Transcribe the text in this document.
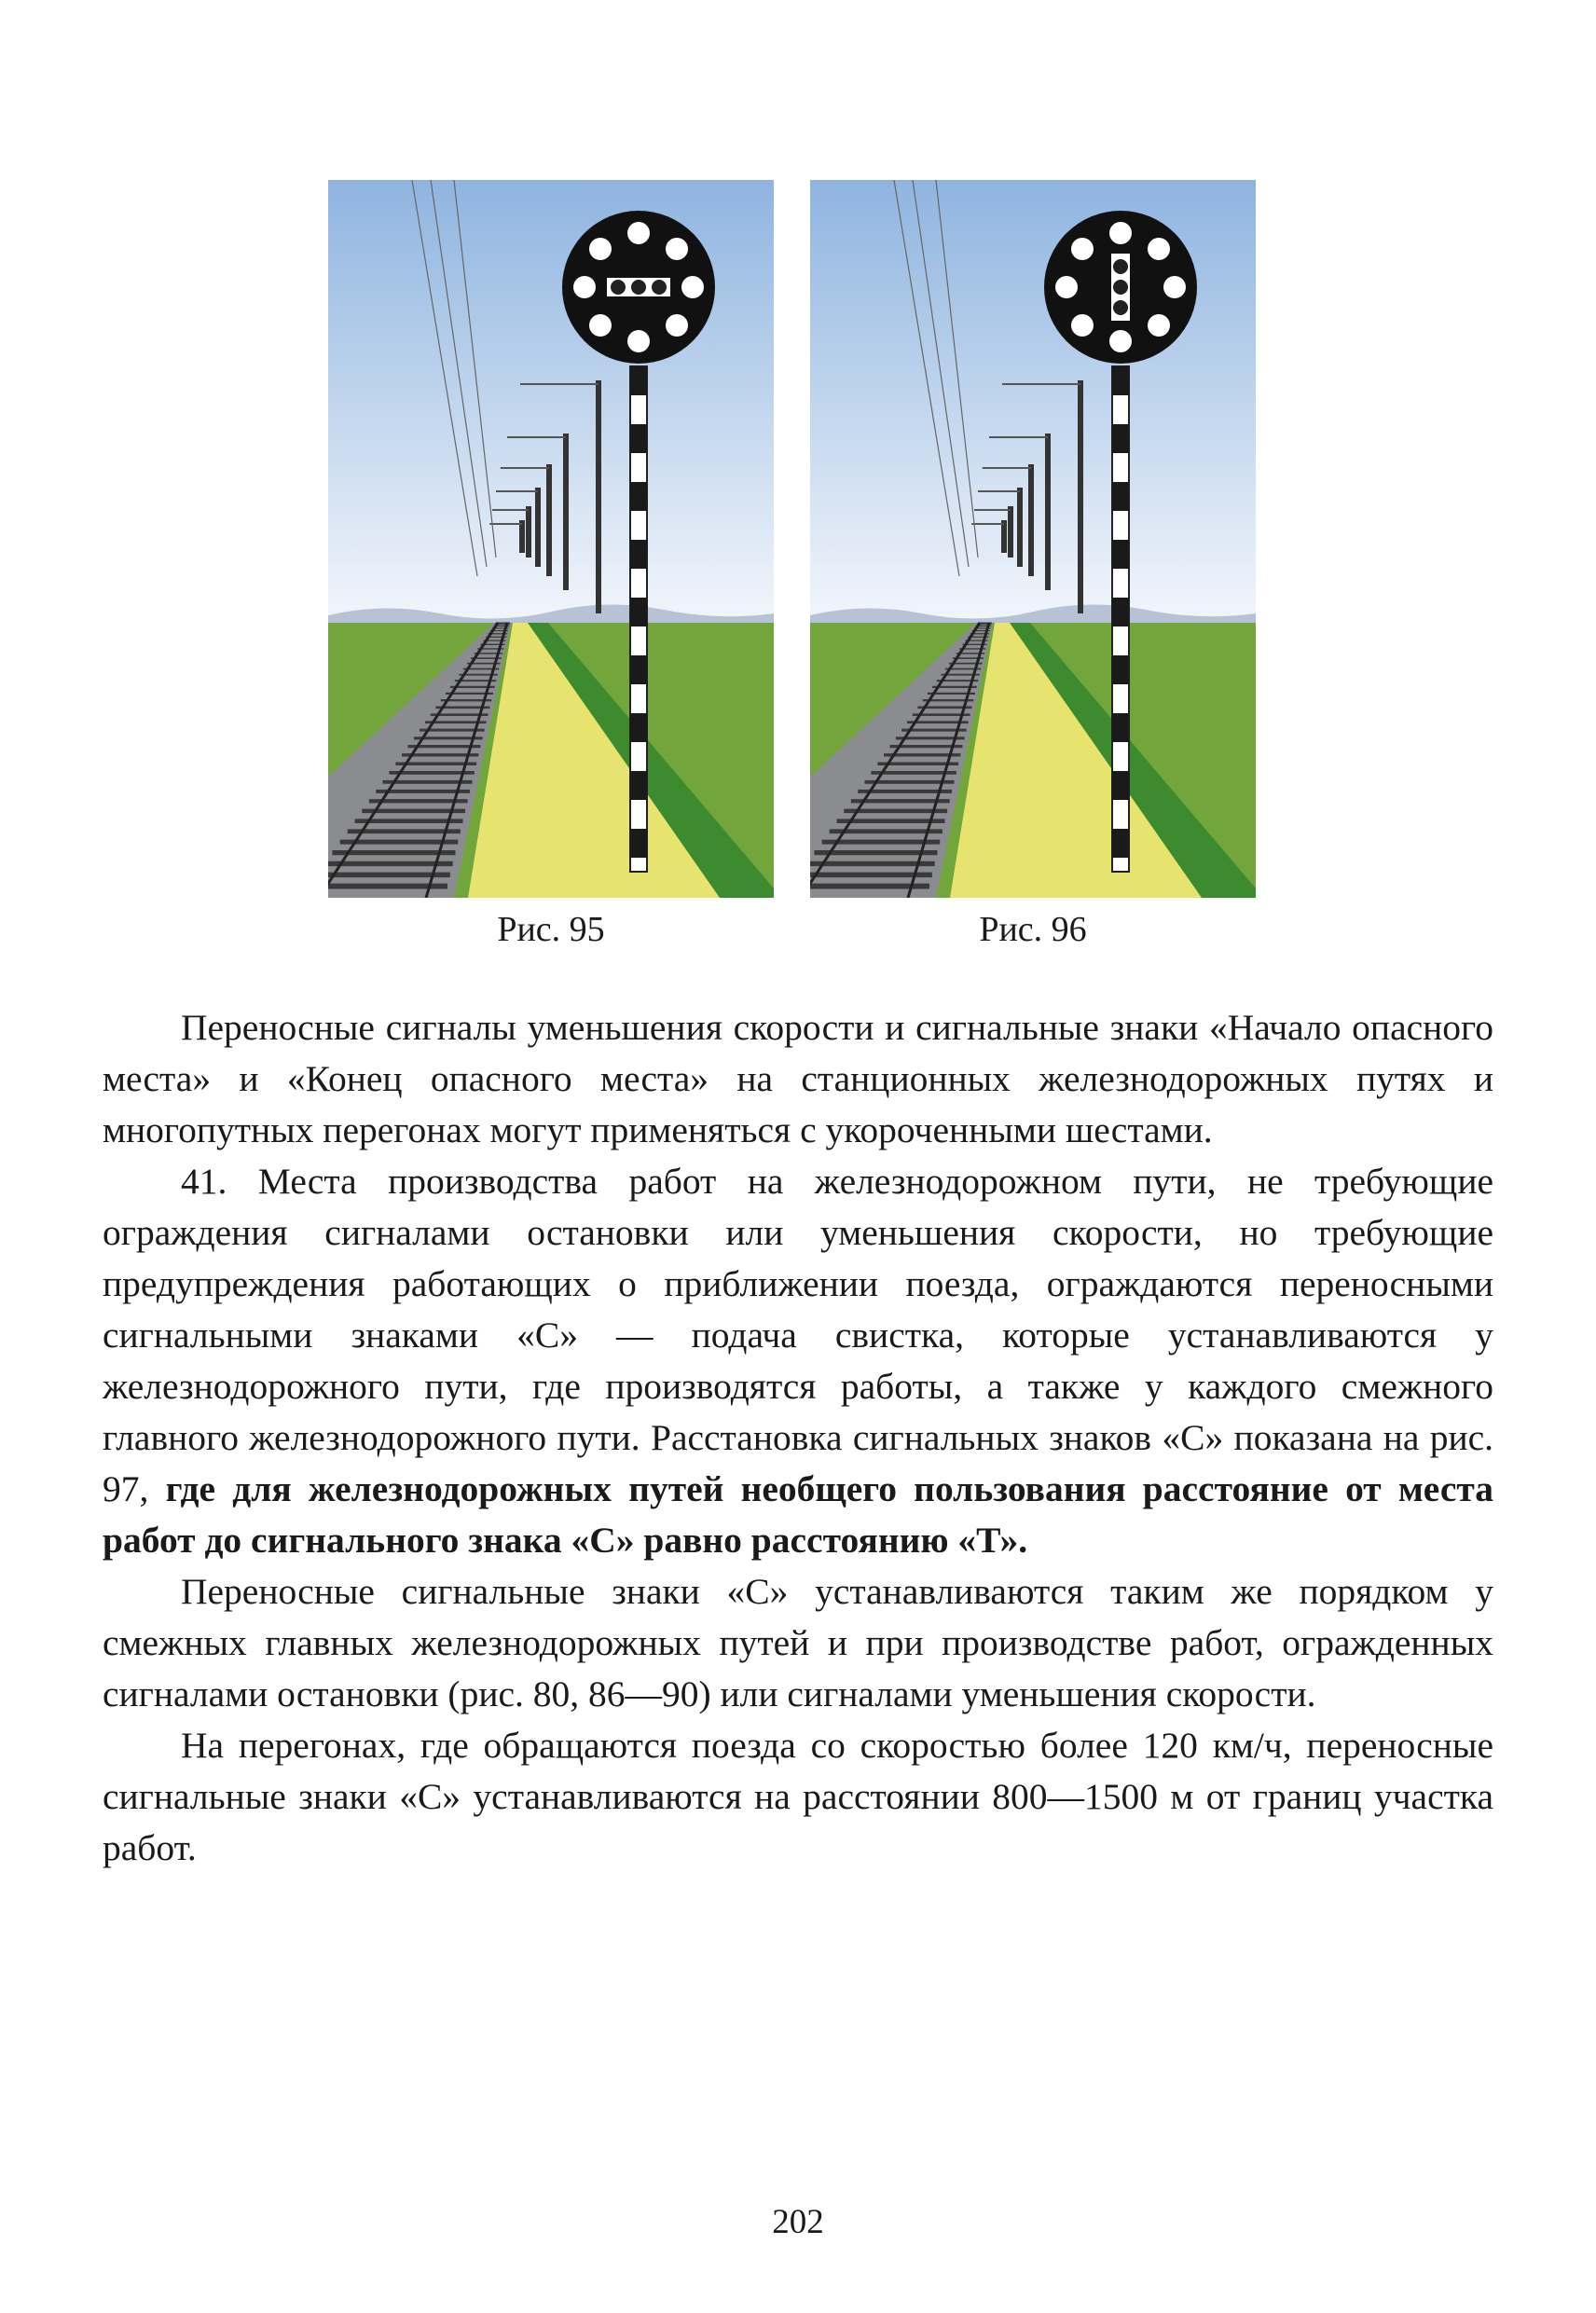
Рис. 95	Рис. 96

Переносные сигналы уменьшения скорости и сигнальные знаки «Начало опасного места» и «Конец опасного места» на станционных железнодорожных путях и многопутных перегонах могут применяться с укороченными шестами.

41. Места производства работ на железнодорожном пути, не требующие ограждения сигналами остановки или уменьшения скорости, но требующие предупреждения работающих о приближении поезда, ограждаются переносными сигнальными знаками «С» — подача свистка, которые устанавливаются у железнодорожного пути, где производятся работы, а также у каждого смежного главного железнодорожного пути. Расстановка сигнальных знаков «С» показана на рис. 97, где для железнодорожных путей необщего пользования расстояние от места работ до сигнального знака «С» равно расстоянию «Т».

Переносные сигнальные знаки «С» устанавливаются таким же порядком у смежных главных железнодорожных путей и при производстве работ, огражденных сигналами остановки (рис. 80, 86—90) или сигналами уменьшения скорости.

На перегонах, где обращаются поезда со скоростью более 120 км/ч, переносные сигнальные знаки «С» устанавливаются на расстоянии 800—1500 м от границ участка работ.

202
